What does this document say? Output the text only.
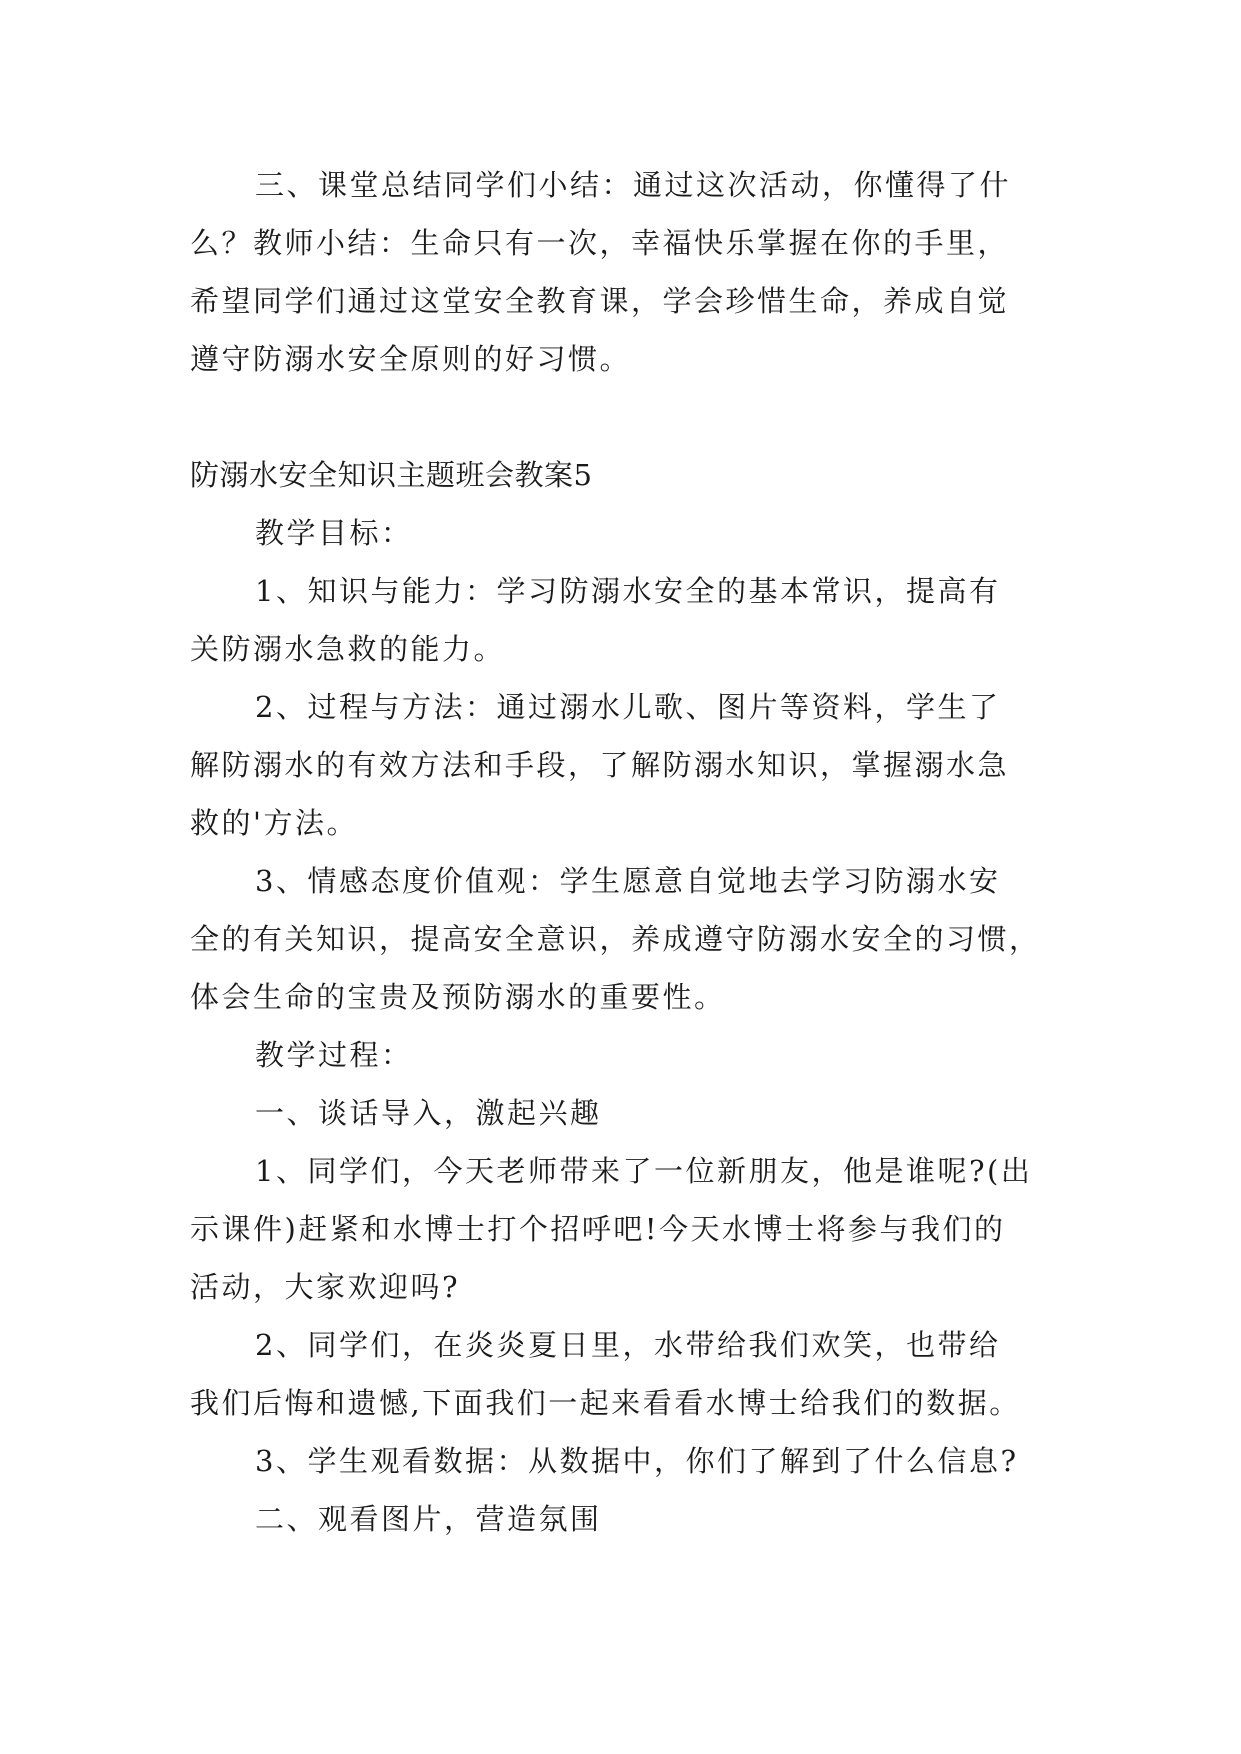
三、课堂总结同学们小结：通过这次活动，你懂得了什
么？教师小结：生命只有一次，幸福快乐掌握在你的手里，
希望同学们通过这堂安全教育课，学会珍惜生命，养成自觉
遵守防溺水安全原则的好习惯。
防溺水安全知识主题班会教案5
教学目标：
1、知识与能力：学习防溺水安全的基本常识，提高有
关防溺水急救的能力。
2、过程与方法：通过溺水儿歌、图片等资料，学生了
解防溺水的有效方法和手段，了解防溺水知识，掌握溺水急
救的'方法。
3、情感态度价值观：学生愿意自觉地去学习防溺水安
全的有关知识，提高安全意识，养成遵守防溺水安全的习惯，
体会生命的宝贵及预防溺水的重要性。
教学过程：
一、谈话导入，激起兴趣
1、同学们，今天老师带来了一位新朋友，他是谁呢?(出
示课件)赶紧和水博士打个招呼吧!今天水博士将参与我们的
活动，大家欢迎吗?
2、同学们，在炎炎夏日里，水带给我们欢笑，也带给
我们后悔和遗憾,下面我们一起来看看水博士给我们的数据。
3、学生观看数据：从数据中，你们了解到了什么信息?
二、观看图片，营造氛围
